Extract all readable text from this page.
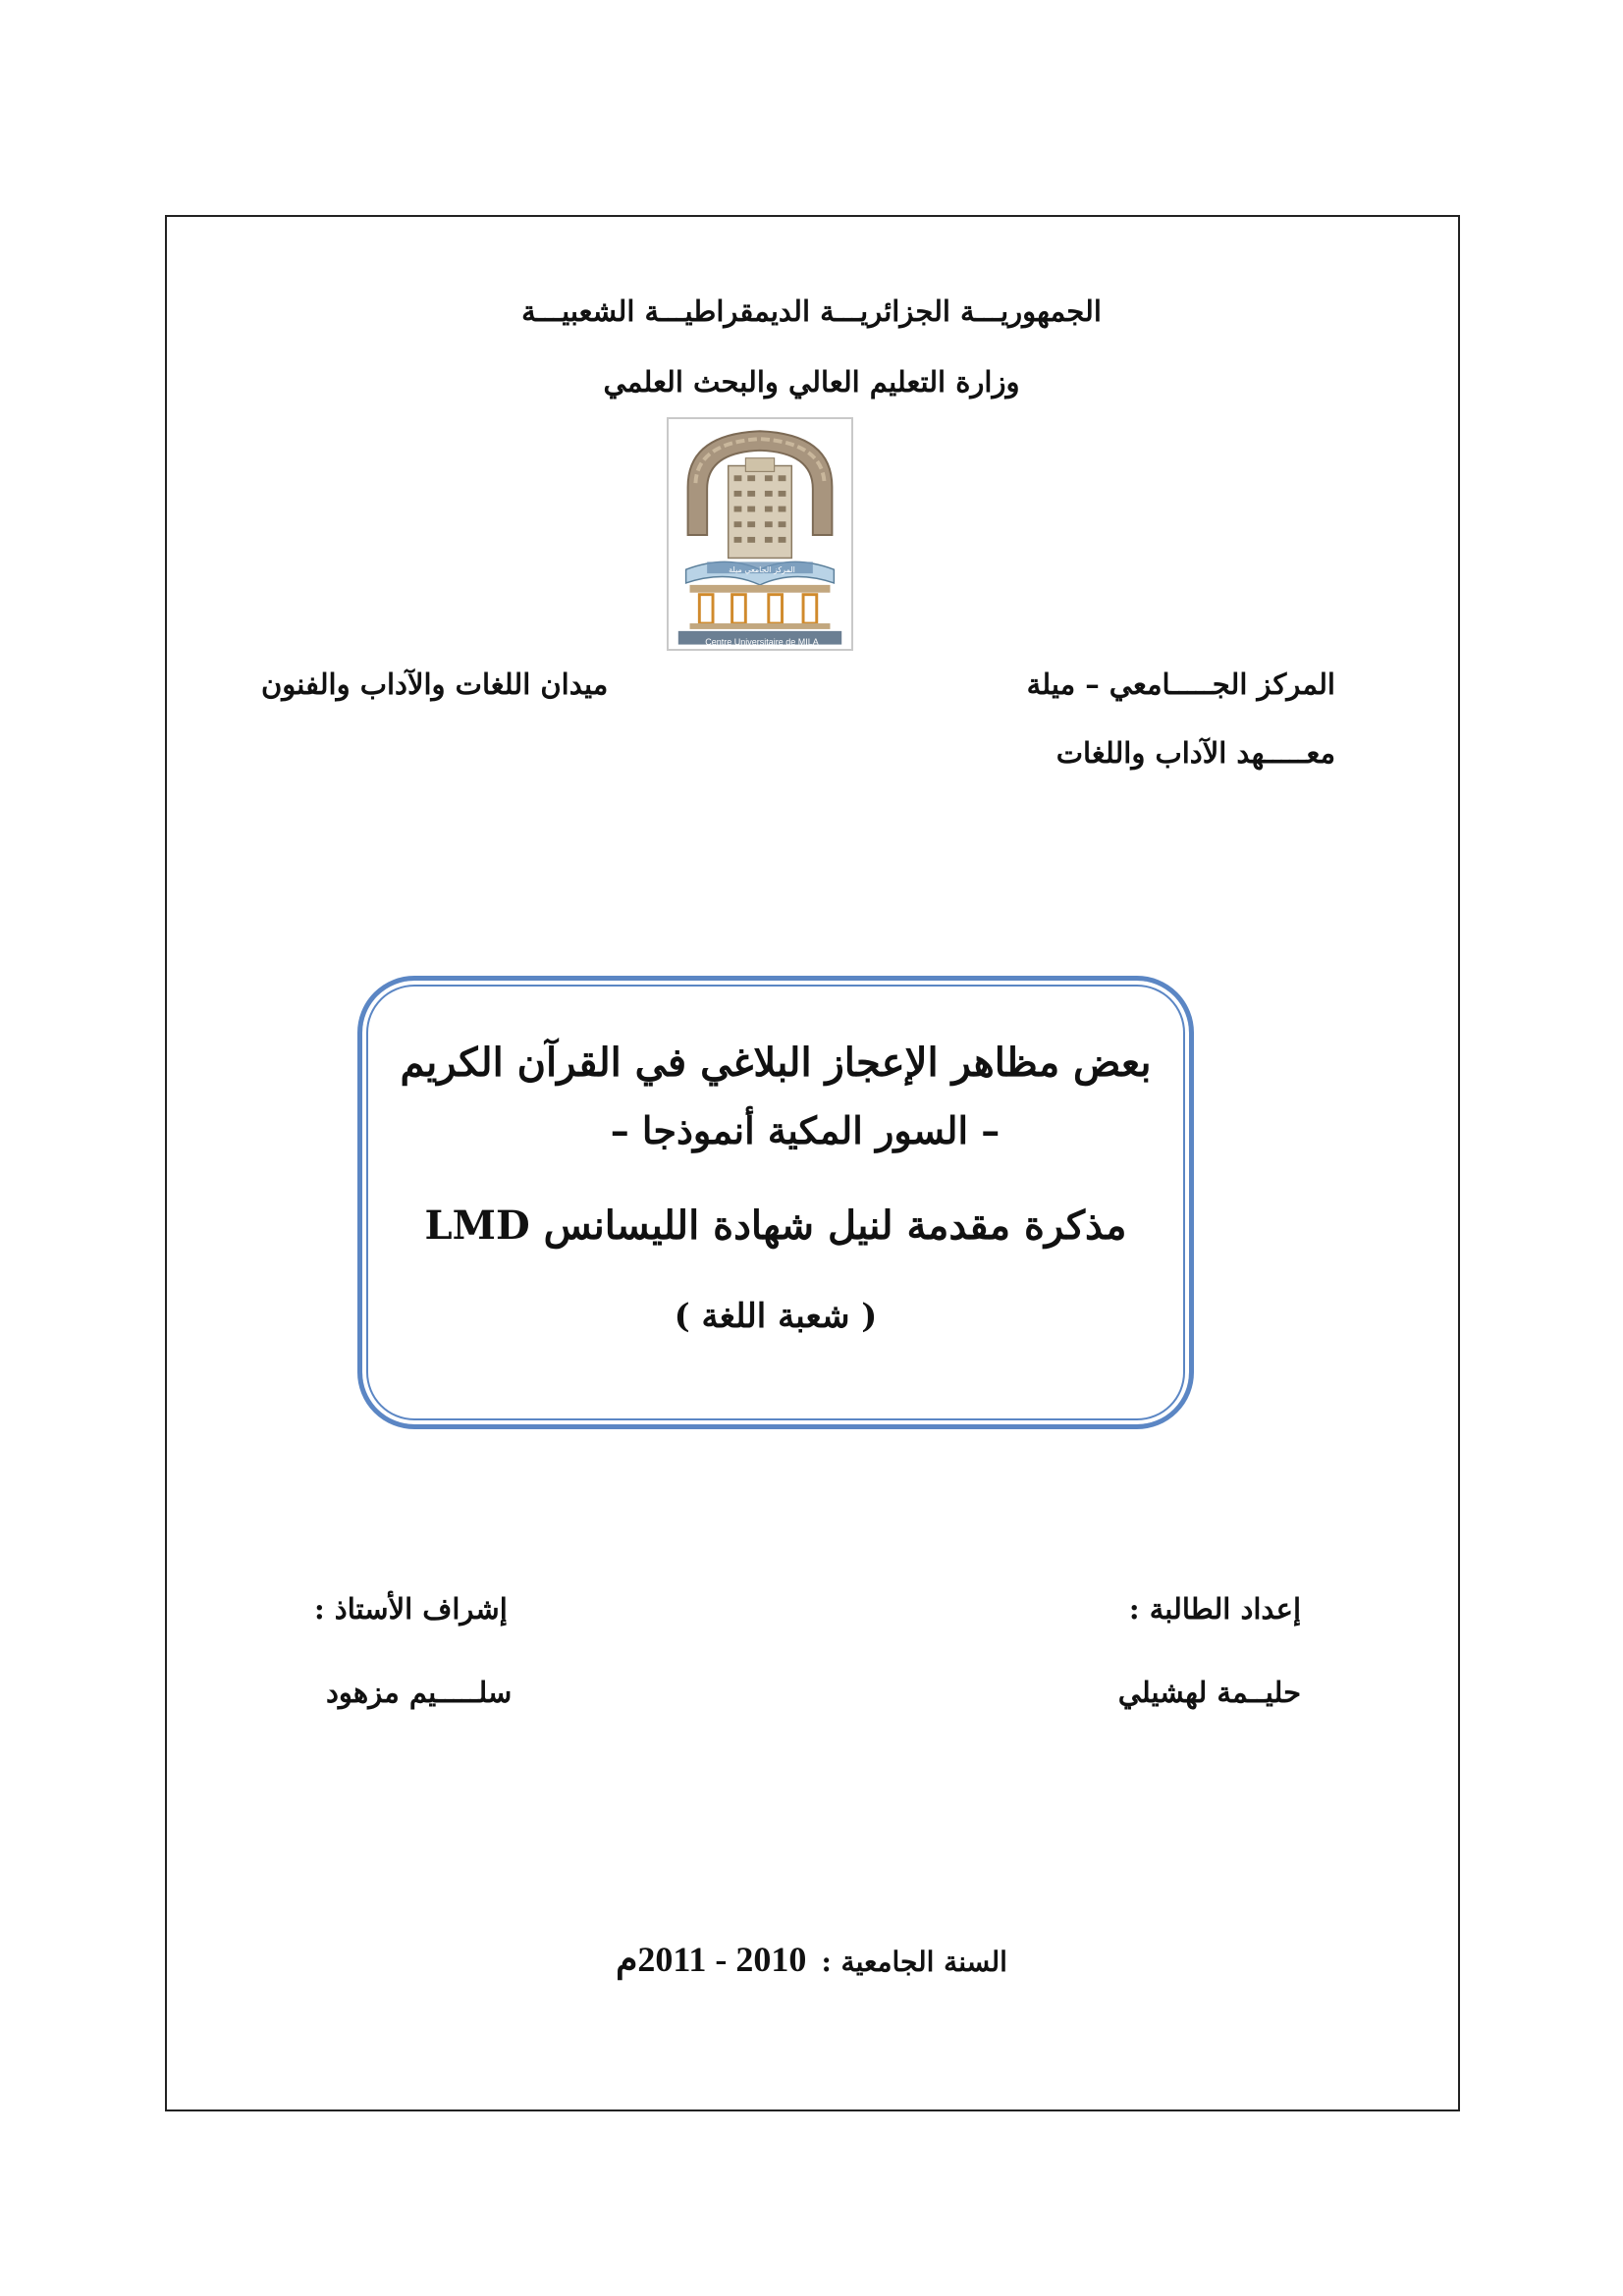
الجمهوريـــة الجزائريـــة الديمقراطيـــة الشعبيـــة
وزارة التعليم العالي والبحث العلمي
Centre Universitaire de MILA
المركز الجامعي ميلة
المركز الجـــــامعي – ميلة
معـــــهد الآداب واللغات
ميدان اللغات والآداب والفنون
بعض مظاهر الإعجاز البلاغي في القرآن الكريم
– السور المكية أنموذجا –
مذكرة مقدمة لنيل شهادة الليسانس LMD
( شعبة اللغة )
إعداد الطالبة :
حليــمة لهشيلي
إشراف الأستاذ :
سلـــــيم مزهود
السنة الجامعية : 2010 - 2011م
